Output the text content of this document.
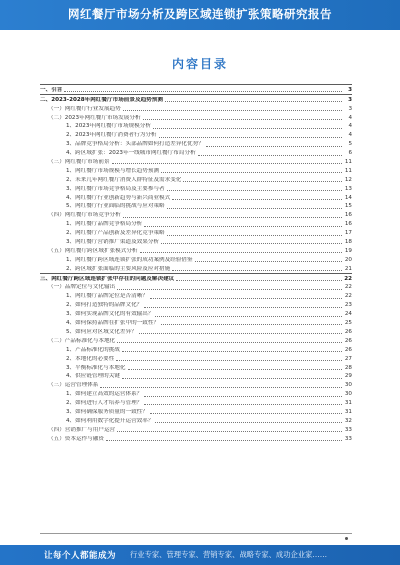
网红餐厅市场分析及跨区域连锁扩张策略研究报告
内容目录
一、引言	3
二、2023-2028年网红餐厅市场前景及趋势预测	3
（一）网红餐厅行业发展趋势	3
（二）2023年网红餐厅市场发展分析	4
1、2023年网红餐厅市场规模分析	4
2、2023年网红餐厅消费者行为分析	4
3、品牌竞争格局分析：头部品牌如何打造差异化优势？	5
4、跨区域扩张：2023年一线城市网红餐厅布局分析	6
（三）网红餐厅市场前景	11
1、网红餐厅市场规模与增长趋势预测	11
2、未来几年网红餐厅消费人群特征及需求变化	12
3、网红餐厅市场竞争格局及主要参与者	13
4、网红餐厅行业创新趋势与新兴商业模式	14
5、网红餐厅行业面临的挑战与应对策略	15
（四）网红餐厅市场竞争分析	16
1、网红餐厅品牌竞争格局分析	16
2、网红餐厅产品创新及差异化竞争策略	17
3、网红餐厅营销推广渠道及效果分析	18
（五）网红餐厅跨区域扩张模式分析	19
1、网红餐厅跨区域连锁扩张的成功案例及经验借鉴	20
2、跨区域扩张面临的主要风险及应对措施	21
三、网红餐厅跨区域连锁扩张中存在的问题及解决建议	22
（一）品牌定位与文化输出	22
1、网红餐厅品牌定位是否清晰？	22
2、如何打造独特的品牌文化？	23
3、如何实现品牌文化的有效输出？	24
4、如何保持品牌在扩张中的一致性？	25
5、如何应对区域文化差异？	26
（二）产品标准化与本地化	26
1、产品标准化的挑战	26
2、本地化的必要性	27
3、平衡标准化与本地化	28
4、供应链管理的关键	29
（三）运营管理体系	30
1、如何建立高效的运营体系？	30
2、如何进行人才培养与管理？	31
3、如何确保服务质量的一致性？	31
4、如何利用数字化提升运营效率？	32
（四）营销推广与用户运营	33
（五）资本运作与融资	33
让每个人都能成为 行业专家、管理专家、营销专家、战略专家、成功企业家……
